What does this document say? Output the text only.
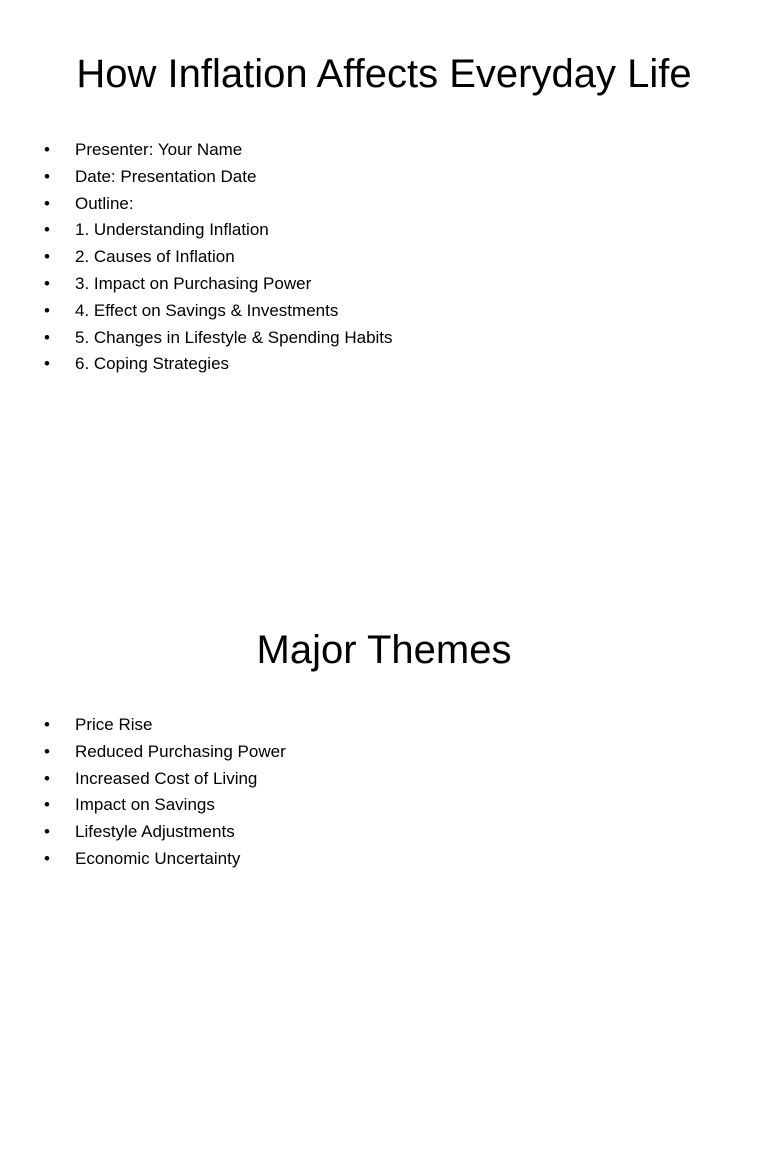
How Inflation Affects Everyday Life
• Presenter: Your Name
• Date: Presentation Date
• Outline:
• 1. Understanding Inflation
• 2. Causes of Inflation
• 3. Impact on Purchasing Power
• 4. Effect on Savings & Investments
• 5. Changes in Lifestyle & Spending Habits
• 6. Coping Strategies
Major Themes
• Price Rise
• Reduced Purchasing Power
• Increased Cost of Living
• Impact on Savings
• Lifestyle Adjustments
• Economic Uncertainty
